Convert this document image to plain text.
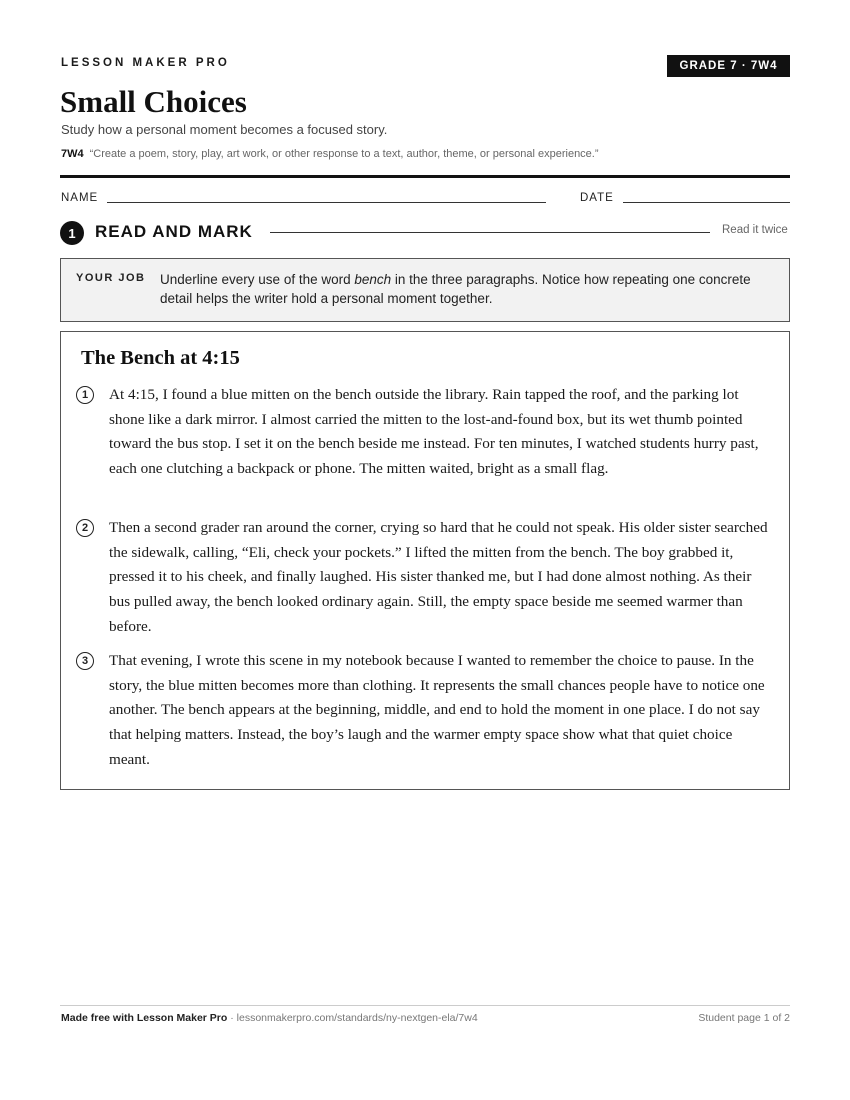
LESSON MAKER PRO	GRADE 7 · 7W4
Small Choices
Study how a personal moment becomes a focused story.
7W4 “Create a poem, story, play, art work, or other response to a text, author, theme, or personal experience.”
NAME	DATE
1	READ AND MARK	Read it twice
YOUR JOB Underline every use of the word bench in the three paragraphs. Notice how repeating one concrete detail helps the writer hold a personal moment together.
The Bench at 4:15
1	At 4:15, I found a blue mitten on the bench outside the library. Rain tapped the roof, and the parking lot shone like a dark mirror. I almost carried the mitten to the lost-and-found box, but its wet thumb pointed toward the bus stop. I set it on the bench beside me instead. For ten minutes, I watched students hurry past, each one clutching a backpack or phone. The mitten waited, bright as a small flag.
2	Then a second grader ran around the corner, crying so hard that he could not speak. His older sister searched the sidewalk, calling, “Eli, check your pockets.” I lifted the mitten from the bench. The boy grabbed it, pressed it to his cheek, and finally laughed. His sister thanked me, but I had done almost nothing. As their bus pulled away, the bench looked ordinary again. Still, the empty space beside me seemed warmer than before.
3	That evening, I wrote this scene in my notebook because I wanted to remember the choice to pause. In the story, the blue mitten becomes more than clothing. It represents the small chances people have to notice one another. The bench appears at the beginning, middle, and end to hold the moment in one place. I do not say that helping matters. Instead, the boy’s laugh and the warmer empty space show what that quiet choice meant.
Made free with Lesson Maker Pro · lessonmakerpro.com/standards/ny-nextgen-ela/7w4	Student page 1 of 2
